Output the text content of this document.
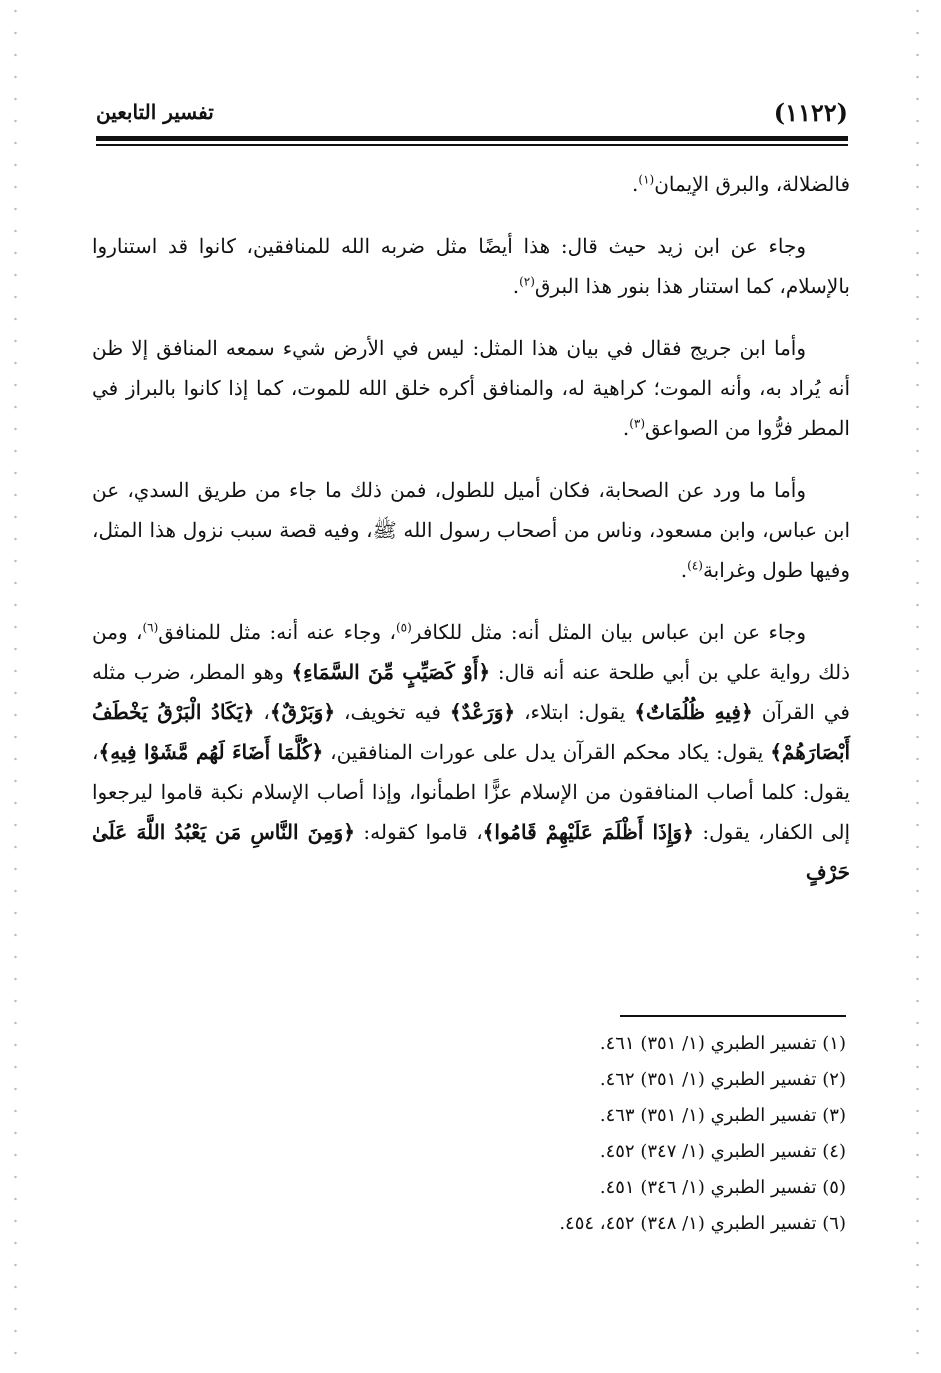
(١١٢٢)
تفسير التابعين

فالضلالة، والبرق الإيمان$^{(١)}$.

وجاء عن ابن زيد حيث قال: هذا أيضًا مثل ضربه الله للمنافقين، كانوا قد استناروا بالإسلام، كما استنار هذا بنور هذا البرق$^{(٢)}$.

وأما ابن جريج فقال في بيان هذا المثل: ليس في الأرض شيء سمعه المنافق إلا ظن أنه يُراد به، وأنه الموت؛ كراهية له، والمنافق أكره خلق الله للموت، كما إذا كانوا بالبراز في المطر فرُّوا من الصواعق$^{(٣)}$.

وأما ما ورد عن الصحابة، فكان أميل للطول، فمن ذلك ما جاء من طريق السدي، عن ابن عباس، وابن مسعود، وناس من أصحاب رسول الله ﷺ، وفيه قصة سبب نزول هذا المثل، وفيها طول وغرابة$^{(٤)}$.

وجاء عن ابن عباس بيان المثل أنه: مثل للكافر$^{(٥)}$، وجاء عنه أنه: مثل للمنافق$^{(٦)}$، ومن ذلك رواية علي بن أبي طلحة عنه أنه قال: ﴿أَوْ كَصَيِّبٍ مِّنَ السَّمَاءِ﴾ وهو المطر، ضرب مثله في القرآن ﴿فِيهِ ظُلُمَاتٌ﴾ يقول: ابتلاء، ﴿وَرَعْدٌ﴾ فيه تخويف، ﴿وَبَرْقٌ﴾، ﴿يَكَادُ الْبَرْقُ يَخْطَفُ أَبْصَارَهُمْ﴾ يقول: يكاد محكم القرآن يدل على عورات المنافقين، ﴿كُلَّمَا أَضَاءَ لَهُم مَّشَوْا فِيهِ﴾، يقول: كلما أصاب المنافقون من الإسلام عزًّا اطمأنوا، وإذا أصاب الإسلام نكبة قاموا ليرجعوا إلى الكفار، يقول: ﴿وَإِذَا أَظْلَمَ عَلَيْهِمْ قَامُوا﴾، قاموا كقوله: ﴿وَمِنَ النَّاسِ مَن يَعْبُدُ اللَّهَ عَلَىٰ حَرْفٍ

(١) تفسير الطبري (١/ ٣٥١) ٤٦١.
(٢) تفسير الطبري (١/ ٣٥١) ٤٦٢.
(٣) تفسير الطبري (١/ ٣٥١) ٤٦٣.
(٤) تفسير الطبري (١/ ٣٤٧) ٤٥٢.
(٥) تفسير الطبري (١/ ٣٤٦) ٤٥١.
(٦) تفسير الطبري (١/ ٣٤٨) ٤٥٢، ٤٥٤.
